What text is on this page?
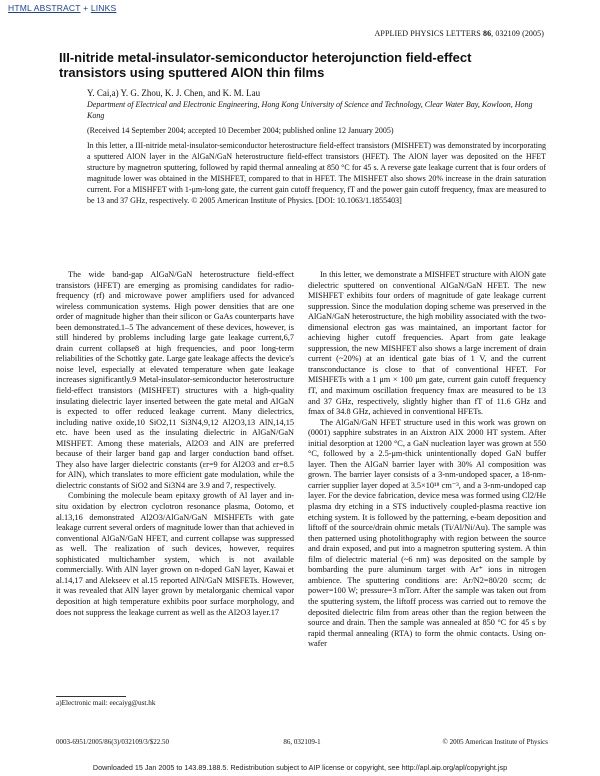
HTML ABSTRACT + LINKS
APPLIED PHYSICS LETTERS 86, 032109 (2005)
III-nitride metal-insulator-semiconductor heterojunction field-effect transistors using sputtered AlON thin films
Y. Cai,a) Y. G. Zhou, K. J. Chen, and K. M. Lau
Department of Electrical and Electronic Engineering, Hong Kong University of Science and Technology, Clear Water Bay, Kowloon, Hong Kong
(Received 14 September 2004; accepted 10 December 2004; published online 12 January 2005)
In this letter, a III-nitride metal-insulator-semiconductor heterostructure field-effect transistors (MISHFET) was demonstrated by incorporating a sputtered AlON layer in the AlGaN/GaN heterostructure field-effect transistors (HFET). The AlON layer was deposited on the HFET structure by magnetron sputtering, followed by rapid thermal annealing at 850 °C for 45 s. A reverse gate leakage current that is four orders of magnitude lower was obtained in the MISHFET, compared to that in HFET. The MISHFET also shows 20% increase in the drain saturation current. For a MISHFET with 1-μm-long gate, the current gain cutoff frequency, fT and the power gain cutoff frequency, fmax are measured to be 13 and 37 GHz, respectively. © 2005 American Institute of Physics. [DOI: 10.1063/1.1855403]

The wide band-gap AlGaN/GaN heterostructure field-effect transistors (HFET) are emerging as promising candidates for radio-frequency (rf) and microwave power amplifiers used for advanced wireless communication systems. High power densities that are one order of magnitude higher than their silicon or GaAs counterparts have been demonstrated.1–5 The advancement of these devices, however, is still hindered by problems including large gate leakage current,6,7 drain current collapse8 at high frequencies, and poor long-term reliabilities of the Schottky gate. Large gate leakage affects the device's noise level, especially at elevated temperature when gate leakage increases significantly.9 Metal-insulator-semiconductor heterostructure field-effect transistors (MISHFET) structures with a high-quality insulating dielectric layer inserted between the gate metal and AlGaN is expected to offer reduced leakage current. Many dielectrics, including native oxide,10 SiO2,11 Si3N4,9,12 Al2O3,13 AlN,14,15 etc. have been used as the insulating dielectric in AlGaN/GaN MISHFET. Among these materials, Al2O3 and AlN are preferred because of their larger band gap and larger conduction band offset. They also have larger dielectric constants (εr=9 for Al2O3 and εr=8.5 for AlN), which translates to more efficient gate modulation, while the dielectric constants of SiO2 and Si3N4 are 3.9 and 7, respectively.

Combining the molecule beam epitaxy growth of Al layer and in-situ oxidation by electron cyclotron resonance plasma, Ootomo, et al.13,16 demonstrated Al2O3/AlGaN/GaN MISHFETs with gate leakage current several orders of magnitude lower than that achieved in conventional AlGaN/GaN HFET, and current collapse was suppressed as well. The realization of such devices, however, requires sophisticated multichamber system, which is not available commercially. With AlN layer grown on n-doped GaN layer, Kawai et al.14,17 and Alekseev et al.15 reported AlN/GaN MISFETs. However, it was revealed that AlN layer grown by metalorganic chemical vapor deposition at high temperature exhibits poor surface morphology, and does not suppress the leakage current as well as the Al2O3 layer.17

In this letter, we demonstrate a MISHFET structure with AlON gate dielectric sputtered on conventional AlGaN/GaN HFET. The new MISHFET exhibits four orders of magnitude of gate leakage current suppression. Since the modulation doping scheme was preserved in the AlGaN/GaN heterostructure, the high mobility associated with the two-dimensional electron gas was maintained, an important factor for achieving higher cutoff frequencies. Apart from gate leakage suppression, the new MISHFET also shows a large increment of drain current (~20%) at an identical gate bias of 1 V, and the current transconductance is close to that of conventional HFET. For MISHFETs with a 1 μm × 100 μm gate, current gain cutoff frequency fT, and maximum oscillation frequency fmax are measured to be 13 and 37 GHz, respectively, slightly higher than fT of 11.6 GHz and fmax of 34.8 GHz, achieved in conventional HFETs.

The AlGaN/GaN HFET structure used in this work was grown on (0001) sapphire substrates in an Aixtron AIX 2000 HT system. After initial desorption at 1200 °C, a GaN nucleation layer was grown at 550 °C, followed by a 2.5-μm-thick unintentionally doped GaN buffer layer. Then the AlGaN barrier layer with 30% Al composition was grown. The barrier layer consists of a 3-nm-undoped spacer, a 18-nm-carrier supplier layer doped at 3.5×10¹⁸ cm⁻³, and a 3-nm-undoped cap layer. For the device fabrication, device mesa was formed using Cl2/He plasma dry etching in a STS inductively coupled-plasma reactive ion etching system. It is followed by the patterning, e-beam deposition and liftoff of the source/drain ohmic metals (Ti/Al/Ni/Au). The sample was then patterned using photolithography with region between the source and drain exposed, and put into a magnetron sputtering system. A thin film of dielectric material (~6 nm) was deposited on the sample by bombarding the pure aluminum target with Ar⁺ ions in nitrogen ambience. The sputtering conditions are: Ar/N2=80/20 sccm; dc power=100 W; pressure=3 mTorr. After the sample was taken out from the sputtering system, the liftoff process was carried out to remove the deposited dielectric film from areas other than the region between the source and drain. Then the sample was annealed at 850 °C for 45 s by rapid thermal annealing (RTA) to form the ohmic contacts. Using on-wafer

a)Electronic mail: eecaiyg@ust.hk
0003-6951/2005/86(3)/032109/3/$22.50	86, 032109-1	© 2005 American Institute of Physics
Downloaded 15 Jan 2005 to 143.89.188.5. Redistribution subject to AIP license or copyright, see http://apl.aip.org/apl/copyright.jsp
